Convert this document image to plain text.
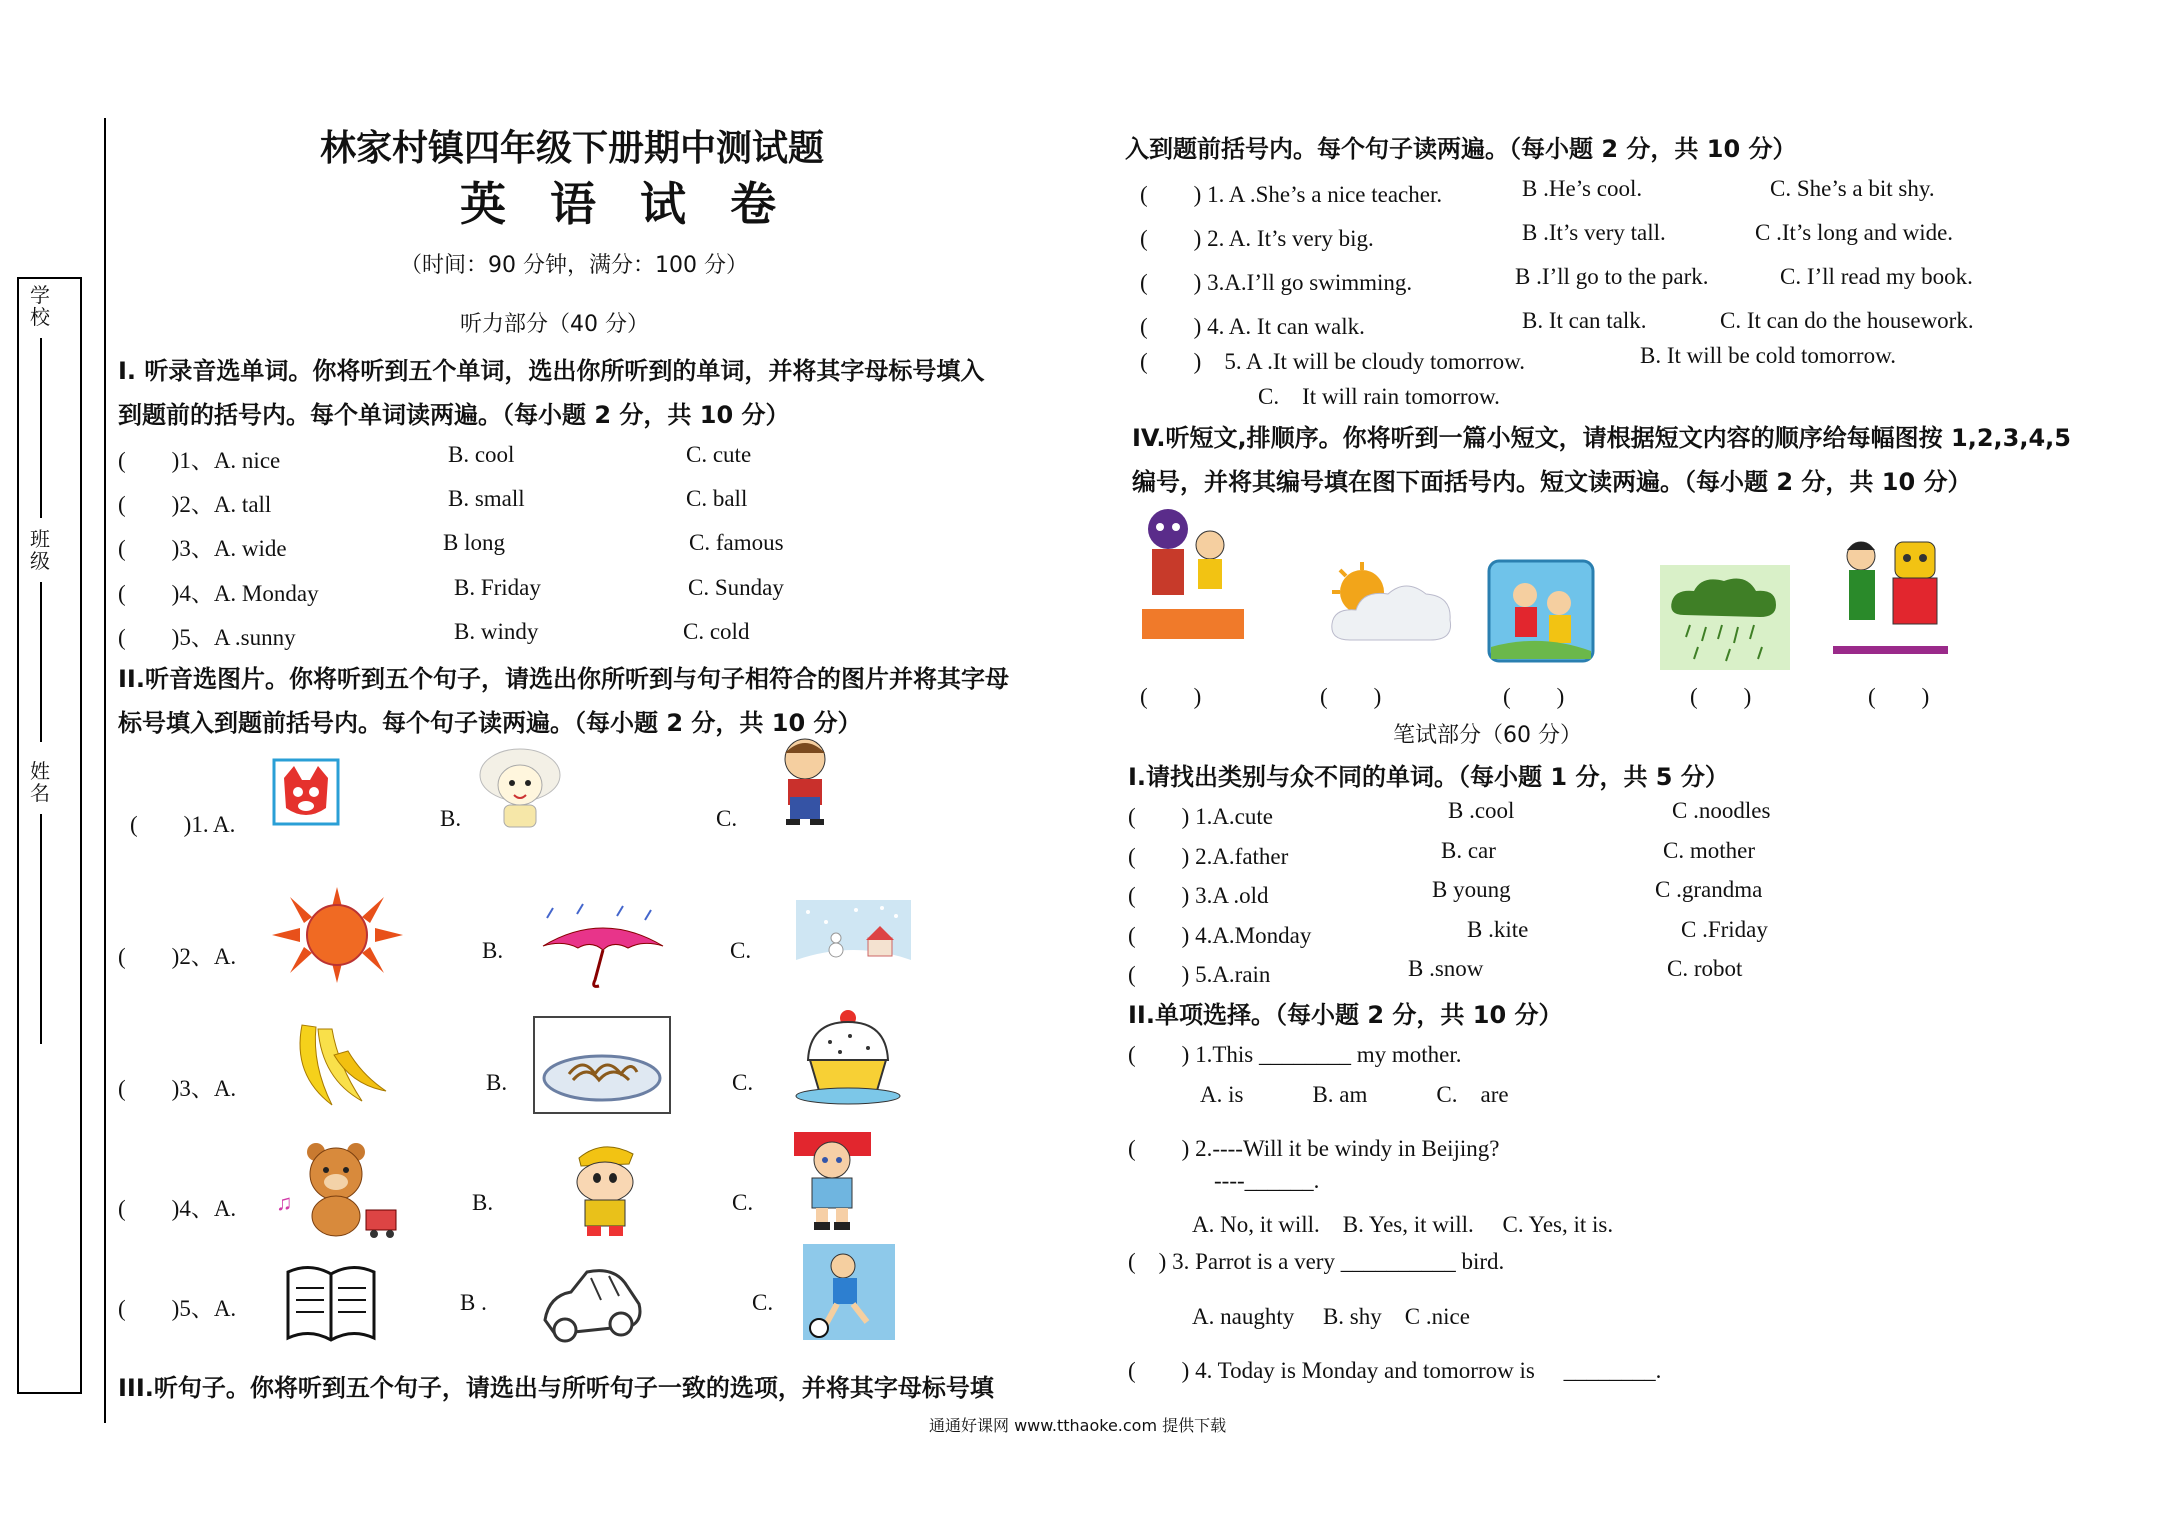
学校
班级
姓名
林家村镇四年级下册期中测试题
英 语 试 卷
（时间：90 分钟，满分：100 分）
听力部分（40 分）
I. 听录音选单词。你将听到五个单词，选出你所听到的单词，并将其字母标号填入
到题前的括号内。每个单词读两遍。（每小题 2 分，共 10 分）
(　　)1、A. nice	B. cool	C. cute
(　　)2、A. tall	B. small	C. ball
(　　)3、A. wide	B long	C. famous
(　　)4、A. Monday	B. Friday	C. Sunday
(　　)5、A .sunny	B. windy	C. cold
II.听音选图片。你将听到五个句子，请选出你所听到与句子相符合的图片并将其字母
标号填入到题前括号内。每个句子读两遍。（每小题 2 分，共 10 分）
(　　)1. A.	B.	C.
(　　)2、A.	B.	C.
(　　)3、A.	B.	C.
(　　)4、A. ♫	B.	C.
(　　)5、A.	B .	C.
III.听句子。你将听到五个句子，请选出与所听句子一致的选项，并将其字母标号填
入到题前括号内。每个句子读两遍。（每小题 2 分，共 10 分）
(　　) 1. A .She’s a nice teacher.	B .He’s cool.	C. She’s a bit shy.
(　　) 2. A. It’s very big.	B .It’s very tall.	C .It’s long and wide.
(　　) 3.A.I’ll go swimming.	B .I’ll go to the park.	C. I’ll read my book.
(　　) 4. A. It can walk.	B. It can talk.	C. It can do the housework.
(　　)　5. A .It will be cloudy tomorrow.	B. It will be cold tomorrow.
C.　It will rain tomorrow.
IV.听短文,排顺序。你将听到一篇小短文，请根据短文内容的顺序给每幅图按 1,2,3,4,5
编号，并将其编号填在图下面括号内。短文读两遍。（每小题 2 分，共 10 分）
(　　)	(　　)	(　　)	(　　)	(　　)
笔试部分（60 分）
I.请找出类别与众不同的单词。（每小题 1 分，共 5 分）
(　　) 1.A.cute	B .cool	C .noodles
(　　) 2.A.father	B. car	C. mother
(　　) 3.A .old	B young	C .grandma
(　　) 4.A.Monday	B .kite	C .Friday
(　　) 5.A.rain	B .snow	C. robot
II.单项选择。（每小题 2 分，共 10 分）
(　　) 1.This ________ my mother.
A. is　　　B. am　　　C.　are
(　　) 2.----Will it be windy in Beijing?
----______.
A. No, it will.　B. Yes, it will.　 C. Yes, it is.
(　) 3. Parrot is a very __________ bird.
A. naughty　 B. shy　C .nice
(　　) 4. Today is Monday and tomorrow is　 ________.
通通好课网 www.tthaoke.com 提供下载
